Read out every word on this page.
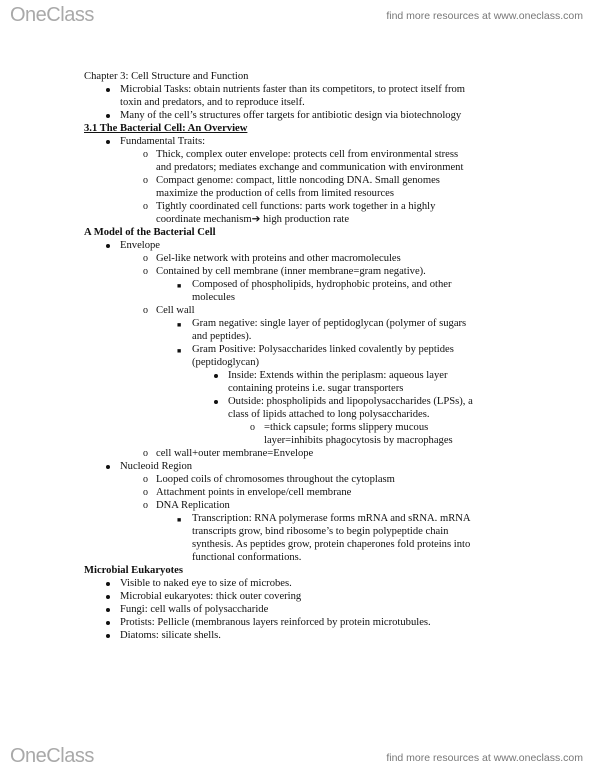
OneClass	find more resources at www.oneclass.com
Chapter 3: Cell Structure and Function
Microbial Tasks: obtain nutrients faster than its competitors, to protect itself from
toxin and predators, and to reproduce itself.
Many of the cell’s structures offer targets for antibiotic design via biotechnology
3.1 The Bacterial Cell: An Overview
Fundamental Traits:
o Thick, complex outer envelope: protects cell from environmental stress
and predators; mediates exchange and communication with environment
o Compact genome: compact, little noncoding DNA. Small genomes
maximize the production of cells from limited resources
o Tightly coordinated cell functions: parts work together in a highly
coordinate mechanism➔ high production rate
A Model of the Bacterial Cell
Envelope
o Gel-like network with proteins and other macromolecules
o Contained by cell membrane (inner membrane=gram negative).
■ Composed of phospholipids, hydrophobic proteins, and other
molecules
o Cell wall
■ Gram negative: single layer of peptidoglycan (polymer of sugars
and peptides).
■ Gram Positive: Polysaccharides linked covalently by peptides
(peptidoglycan)
Inside: Extends within the periplasm: aqueous layer
containing proteins i.e. sugar transporters
Outside: phospholipids and lipopolysaccharides (LPSs), a
class of lipids attached to long polysaccharides.
o =thick capsule; forms slippery mucous
layer=inhibits phagocytosis by macrophages
o cell wall+outer membrane=Envelope
Nucleoid Region
o Looped coils of chromosomes throughout the cytoplasm
o Attachment points in envelope/cell membrane
o DNA Replication
■ Transcription: RNA polymerase forms mRNA and sRNA. mRNA
transcripts grow, bind ribosome’s to begin polypeptide chain
synthesis. As peptides grow, protein chaperones fold proteins into
functional conformations.
Microbial Eukaryotes
Visible to naked eye to size of microbes.
Microbial eukaryotes: thick outer covering
Fungi: cell walls of polysaccharide
Protists: Pellicle (membranous layers reinforced by protein microtubules.
Diatoms: silicate shells.
OneClass	find more resources at www.oneclass.com
